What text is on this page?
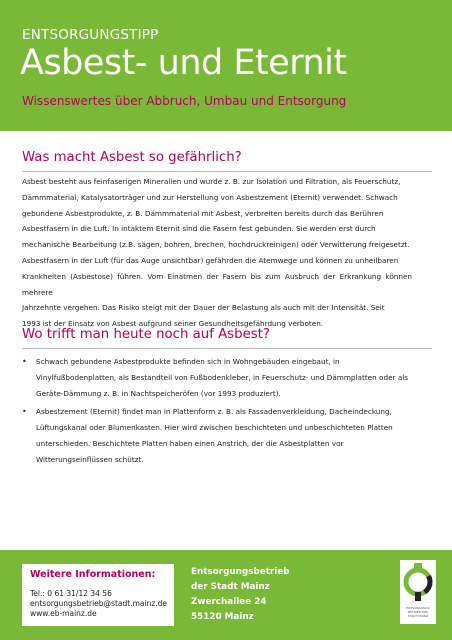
ENTSORGUNGSTIPP
Asbest- und Eternit
Wissenswertes über Abbruch, Umbau und Entsorgung
Was macht Asbest so gefährlich?
Asbest besteht aus feinfaserigen Mineralien und wurde z. B. zur Isolation und Filtration, als Feuerschutz,
Dämmmaterial, Katalysatorträger und zur Herstellung von Asbestzement (Eternit) verwendet. Schwach
gebundene Asbestprodukte, z. B. Dämmmaterial mit Asbest, verbreiten bereits durch das Berühren
Asbestfasern in die Luft. In intaktem Eternit sind die Fasern fest gebunden. Sie werden erst durch
mechanische Bearbeitung (z.B. sägen, bohren, brechen, hochdruckreinigen) oder Verwitterung freigesetzt.
Asbestfasern in der Luft (für das Auge unsichtbar) gefährden die Atemwege und können zu unheilbaren
Krankheiten (Asbestose) führen. Vom Einatmen der Fasern bis zum Ausbruch der Erkrankung können mehrere
Jahrzehnte vergehen. Das Risiko steigt mit der Dauer der Belastung als auch mit der Intensität. Seit
1993 ist der Einsatz von Asbest aufgrund seiner Gesundheitsgefährdung verboten.
Wo trifft man heute noch auf Asbest?
• Schwach gebundene Asbestprodukte befinden sich in Wohngebäuden eingebaut, in
Vinylfußbodenplatten, als Bestandteil von Fußbodenkleber, in Feuerschutz- und Dämmplatten oder als
Geräte-Dämmung z. B. in Nachtspeicheröfen (vor 1993 produziert).
• Asbestzement (Eternit) findet man in Plattenform z. B. als Fassadenverkleidung, Dacheindeckung,
Lüftungskanal oder Blumenkasten. Hier wird zwischen beschichteten und unbeschichteten Platten
unterschieden. Beschichtete Platten haben einen Anstrich, der die Asbestplatten vor
Witterungseinflüssen schützt.
Weitere Informationen:
Tel.: 0 61 31/12 34 56
entsorgungsbetrieb@stadt.mainz.de
www.eb-mainz.de
Entsorgungsbetrieb
der Stadt Mainz
Zwerchallee 24
55120 Mainz
ENTSORGUNGS
BETRIEB DER
STADT MAINZ
